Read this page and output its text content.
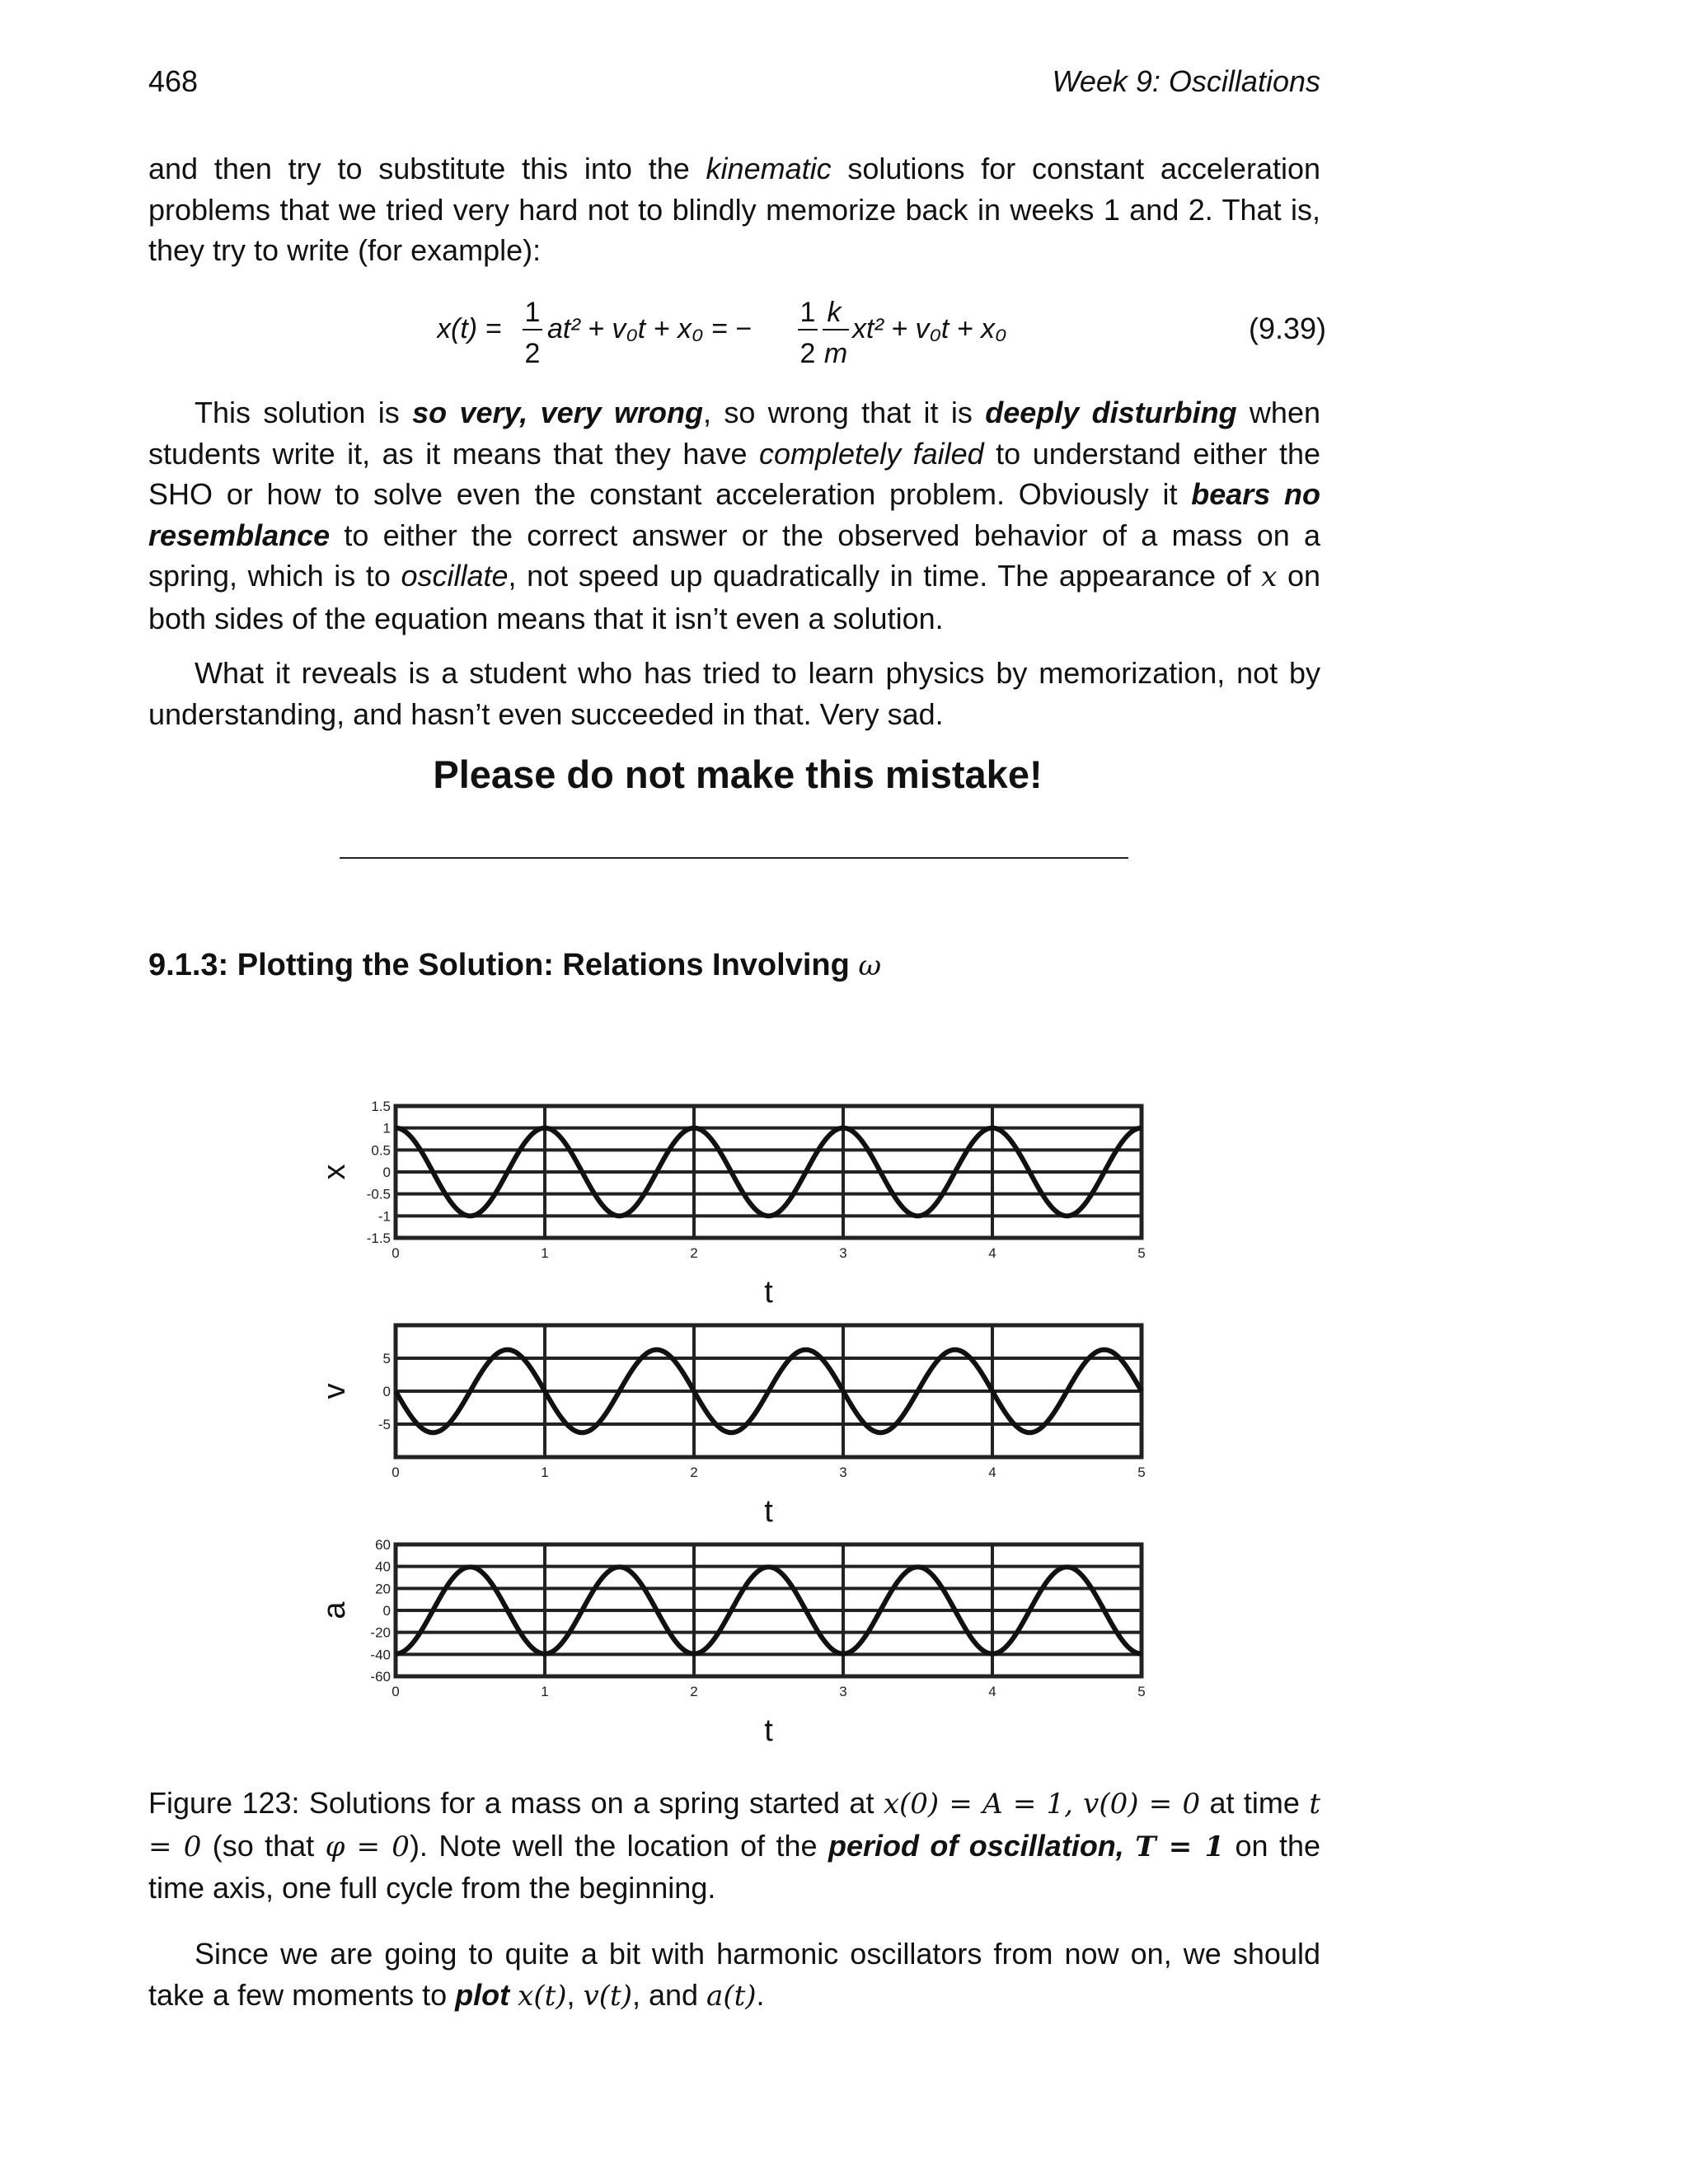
468	Week 9: Oscillations

and then try to substitute this into the kinematic solutions for constant acceleration problems that we tried very hard not to blindly memorize back in weeks 1 and 2. That is, they try to write (for example):

x(t) =
1
2
at² + v₀t + x₀ = −
1
2
k
m
xt² + v₀t + x₀	(9.39)

This solution is so very, very wrong, so wrong that it is deeply disturbing when students write it, as it means that they have completely failed to understand either the SHO or how to solve even the constant acceleration problem. Obviously it bears no resemblance to either the correct answer or the observed behavior of a mass on a spring, which is to oscillate, not speed up quadratically in time. The appearance of x on both sides of the equation means that it isn’t even a solution.

What it reveals is a student who has tried to learn physics by memorization, not by understanding, and hasn’t even succeeded in that. Very sad.

Please do not make this mistake!
9.1.3: Plotting the Solution: Relations Involving ω
1.5
1
0.5
0
-0.5
-1
-1.5
0	1	2	3	4	5
t
x
5
0
-5
0	1	2	3	4	5
t
v
60
40
20
0
-20
-40
-60
0	1	2	3	4	5
t
a

Figure 123: Solutions for a mass on a spring started at x(0) = A = 1, v(0) = 0 at time t = 0 (so that φ = 0). Note well the location of the period of oscillation, T = 1 on the time axis, one full cycle from the beginning.

Since we are going to quite a bit with harmonic oscillators from now on, we should take a few moments to plot x(t), v(t), and a(t).
